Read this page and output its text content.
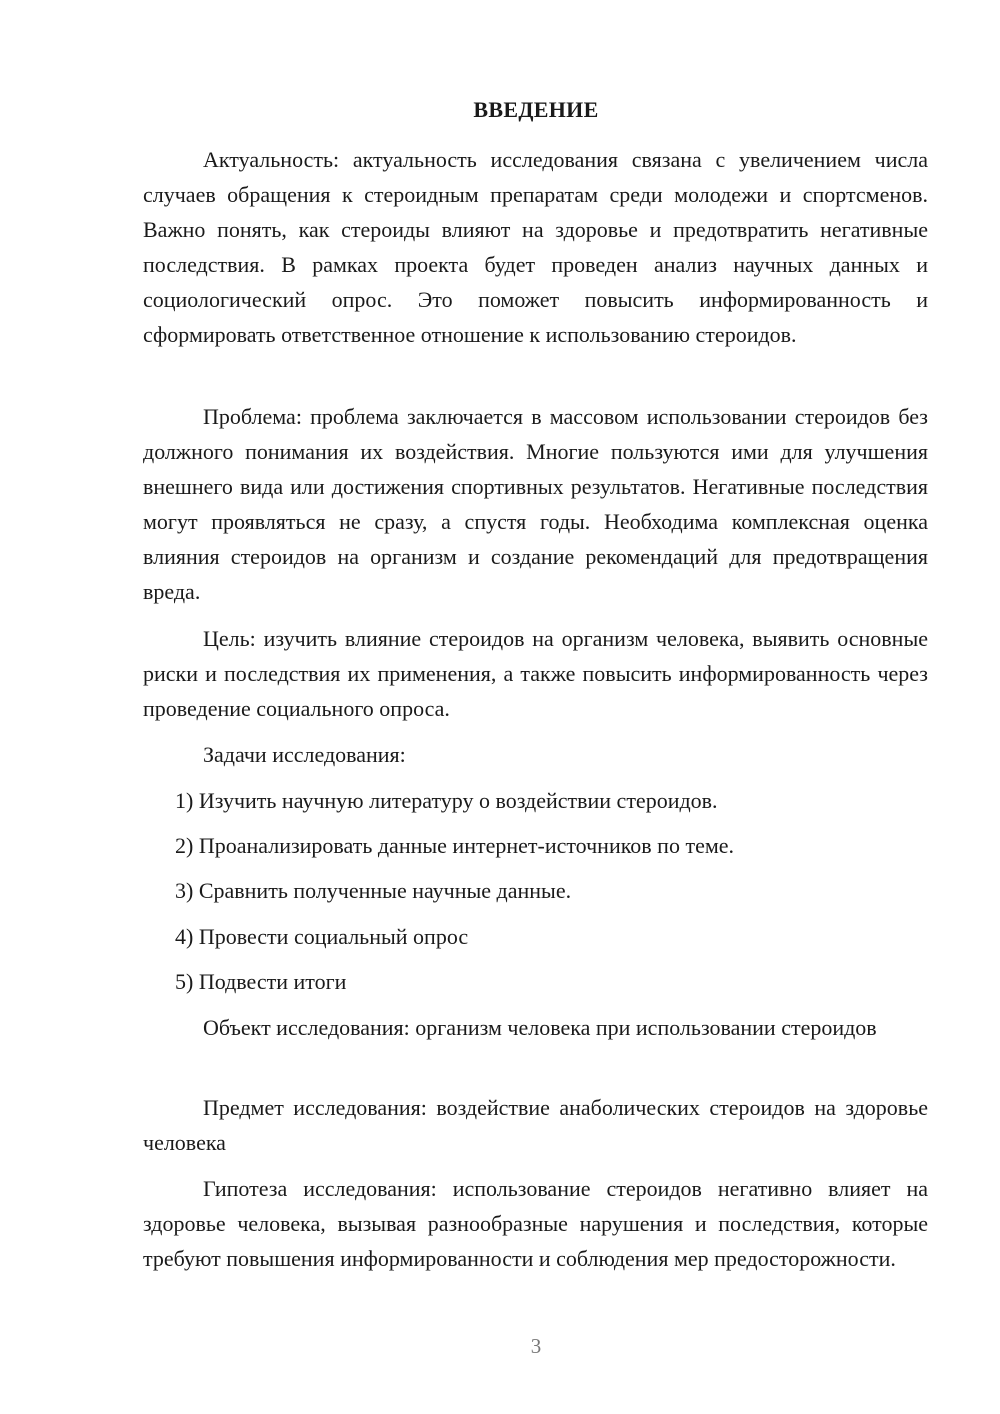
ВВЕДЕНИЕ

Актуальность: актуальность исследования связана с увеличением числа случаев обращения к стероидным препаратам среди молодежи и спортсменов. Важно понять, как стероиды влияют на здоровье и предотвратить негативные последствия. В рамках проекта будет проведен анализ научных данных и социологический опрос. Это поможет повысить информированность и сформировать ответственное отношение к использованию стероидов.

Проблема: проблема заключается в массовом использовании стероидов без должного понимания их воздействия. Многие пользуются ими для улучшения внешнего вида или достижения спортивных результатов. Негативные последствия могут проявляться не сразу, а спустя годы. Необходима комплексная оценка влияния стероидов на организм и создание рекомендаций для предотвращения вреда.

Цель: изучить влияние стероидов на организм человека, выявить основные риски и последствия их применения, а также повысить информированность через проведение социального опроса.

Задачи исследования:

1) Изучить научную литературу о воздействии стероидов.
2) Проанализировать данные интернет-источников по теме.
3) Сравнить полученные научные данные.
4) Провести социальный опрос
5) Подвести итоги

Объект исследования: организм человека при использовании стероидов

Предмет исследования: воздействие анаболических стероидов на здоровье человека

Гипотеза исследования: использование стероидов негативно влияет на здоровье человека, вызывая разнообразные нарушения и последствия, которые требуют повышения информированности и соблюдения мер предосторожности.

3
